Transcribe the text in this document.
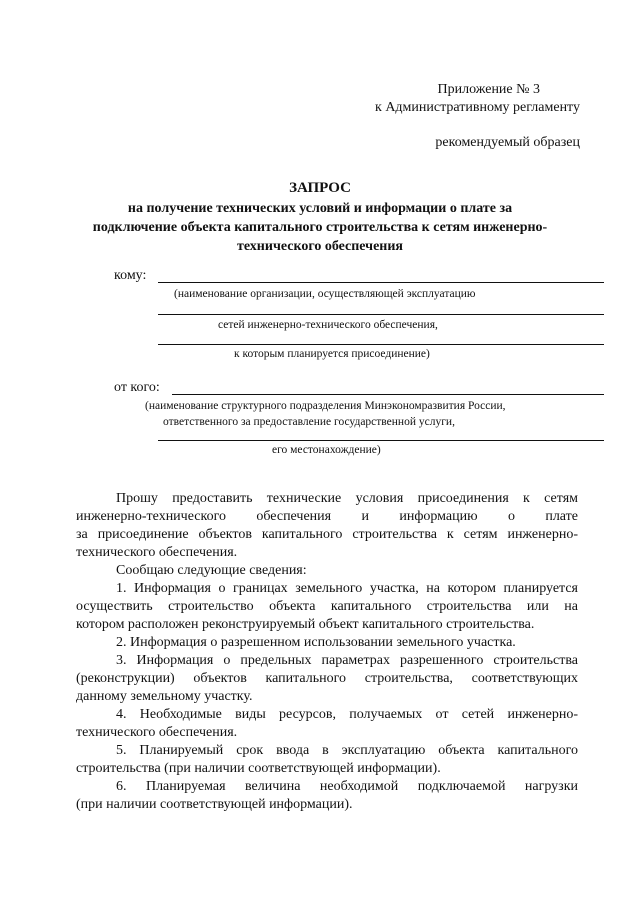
Приложение № 3
к Административному регламенту
рекомендуемый образец
ЗАПРОС
на получение технических условий и информации о плате за
подключение объекта капитального строительства к сетям инженерно-
технического обеспечения
кому:
(наименование организации, осуществляющей эксплуатацию
сетей инженерно-технического обеспечения,
к которым планируется присоединение)
от кого:
(наименование структурного подразделения Минэкономразвития России,
ответственного за предоставление государственной услуги,
его местонахождение)
Прошу предоставить технические условия присоединения к сетям
инженерно-технического обеспечения и информацию о плате
за присоединение объектов капитального строительства к сетям инженерно-
технического обеспечения.
Сообщаю следующие сведения:
1. Информация о границах земельного участка, на котором планируется
осуществить строительство объекта капитального строительства или на
котором расположен реконструируемый объект капитального строительства.
2. Информация о разрешенном использовании земельного участка.
3. Информация о предельных параметрах разрешенного строительства
(реконструкции) объектов капитального строительства, соответствующих
данному земельному участку.
4. Необходимые виды ресурсов, получаемых от сетей инженерно-
технического обеспечения.
5. Планируемый срок ввода в эксплуатацию объекта капитального
строительства (при наличии соответствующей информации).
6. Планируемая величина необходимой подключаемой нагрузки
(при наличии соответствующей информации).
